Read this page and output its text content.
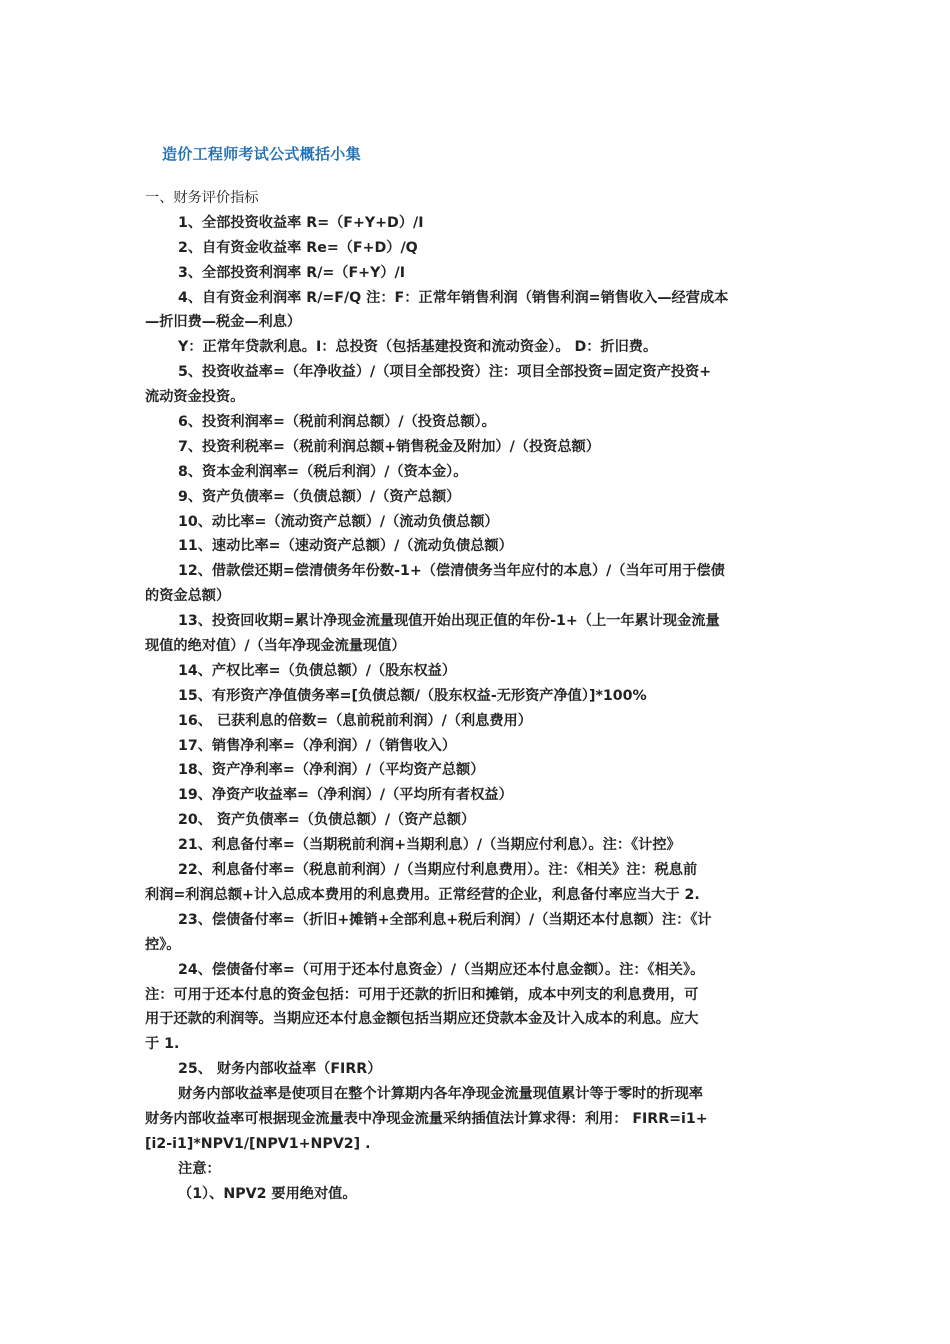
造价工程师考试公式概括小集
一、财务评价指标
1、全部投资收益率 R=（F+Y+D）/I
2、自有资金收益率 Re=（F+D）/Q
3、全部投资利润率 R/=（F+Y）/I
4、自有资金利润率 R/=F/Q 注：F：正常年销售利润（销售利润=销售收入—经营成本
—折旧费—税金—利息）
Y：正常年贷款利息。I：总投资（包括基建投资和流动资金）。 D：折旧费。
5、投资收益率=（年净收益）/（项目全部投资）注：项目全部投资=固定资产投资+
流动资金投资。
6、投资利润率=（税前利润总额）/（投资总额）。
7、投资利税率=（税前利润总额+销售税金及附加）/（投资总额）
8、资本金利润率=（税后利润）/（资本金）。
9、资产负债率=（负债总额）/（资产总额）
10、动比率=（流动资产总额）/（流动负债总额）
11、速动比率=（速动资产总额）/（流动负债总额）
12、借款偿还期=偿清债务年份数-1+（偿清债务当年应付的本息）/（当年可用于偿债
的资金总额）
13、投资回收期=累计净现金流量现值开始出现正值的年份-1+（上一年累计现金流量
现值的绝对值）/（当年净现金流量现值）
14、产权比率=（负债总额）/（股东权益）
15、有形资产净值债务率=[负债总额/（股东权益-无形资产净值）]*100%
16、 已获利息的倍数=（息前税前利润）/（利息费用）
17、销售净利率=（净利润）/（销售收入）
18、资产净利率=（净利润）/（平均资产总额）
19、净资产收益率=（净利润）/（平均所有者权益）
20、 资产负债率=（负债总额）/（资产总额）
21、利息备付率=（当期税前利润+当期利息）/（当期应付利息）。注：《计控》
22、利息备付率=（税息前利润）/（当期应付利息费用）。注：《相关》注：税息前
利润=利润总额+计入总成本费用的利息费用。正常经营的企业，利息备付率应当大于 2.
23、偿债备付率=（折旧+摊销+全部利息+税后利润）/（当期还本付息额）注：《计
控》。
24、偿债备付率=（可用于还本付息资金）/（当期应还本付息金额）。注：《相关》。
注：可用于还本付息的资金包括：可用于还款的折旧和摊销，成本中列支的利息费用，可
用于还款的利润等。当期应还本付息金额包括当期应还贷款本金及计入成本的利息。应大
于 1.
25、 财务内部收益率（FIRR）
财务内部收益率是使项目在整个计算期内各年净现金流量现值累计等于零时的折现率
财务内部收益率可根据现金流量表中净现金流量采纳插值法计算求得：利用： FIRR=i1+
[i2-i1]*NPV1/[NPV1+NPV2] .
注意：
（1）、NPV2 要用绝对值。
